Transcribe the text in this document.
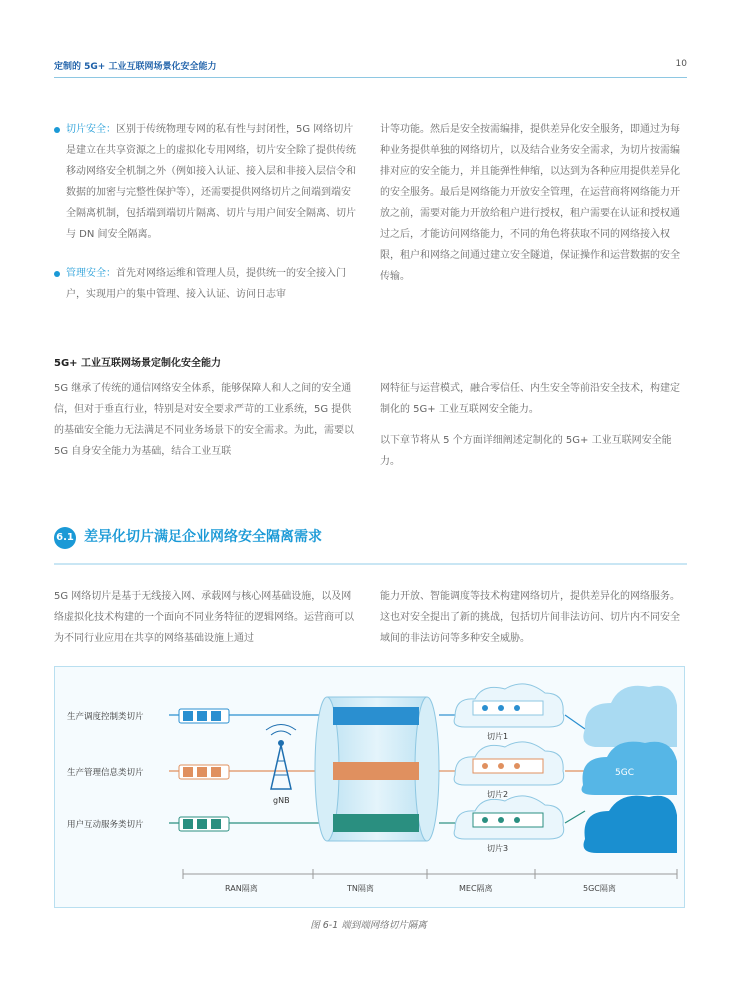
定制的 5G+ 工业互联网场景化安全能力	10
切片安全：区别于传统物理专网的私有性与封闭性，5G 网络切片是建立在共享资源之上的虚拟化专用网络，切片安全除了提供传统移动网络安全机制之外（例如接入认证、接入层和非接入层信令和数据的加密与完整性保护等），还需要提供网络切片之间端到端安全隔离机制，包括端到端切片隔离、切片与用户间安全隔离、切片与 DN 间安全隔离。
管理安全：首先对网络运维和管理人员，提供统一的安全接入门户，实现用户的集中管理、接入认证、访问日志审

计等功能。然后是安全按需编排，提供差异化安全服务，即通过为每种业务提供单独的网络切片，以及结合业务安全需求，为切片按需编排对应的安全能力，并且能弹性伸缩，以达到为各种应用提供差异化的安全服务。最后是网络能力开放安全管理，在运营商将网络能力开放之前，需要对能力开放给租户进行授权，租户需要在认证和授权通过之后，才能访问网络能力，不同的角色将获取不同的网络接入权限，租户和网络之间通过建立安全隧道，保证操作和运营数据的安全传输。

5G+ 工业互联网场景定制化安全能力

5G 继承了传统的通信网络安全体系，能够保障人和人之间的安全通信，但对于垂直行业，特别是对安全要求严苛的工业系统，5G 提供的基础安全能力无法满足不同业务场景下的安全需求。为此，需要以 5G 自身安全能力为基础，结合工业互联

网特征与运营模式，融合零信任、内生安全等前沿安全技术，构建定制化的 5G+ 工业互联网安全能力。

以下章节将从 5 个方面详细阐述定制化的 5G+ 工业互联网安全能力。

6.1 差异化切片满足企业网络安全隔离需求

5G 网络切片是基于无线接入网、承载网与核心网基础设施，以及网络虚拟化技术构建的一个面向不同业务特征的逻辑网络。运营商可以为不同行业应用在共享的网络基础设施上通过

能力开放、智能调度等技术构建网络切片，提供差异化的网络服务。这也对安全提出了新的挑战，包括切片间非法访问、切片内不同安全域间的非法访问等多种安全威胁。

生产调度控制类切片
生产管理信息类切片
用户互动服务类切片
gNB
切片1
切片2
切片3
5GC
RAN隔离	TN隔离	MEC隔离	5GC隔离
图 6-1 端到端网络切片隔离
